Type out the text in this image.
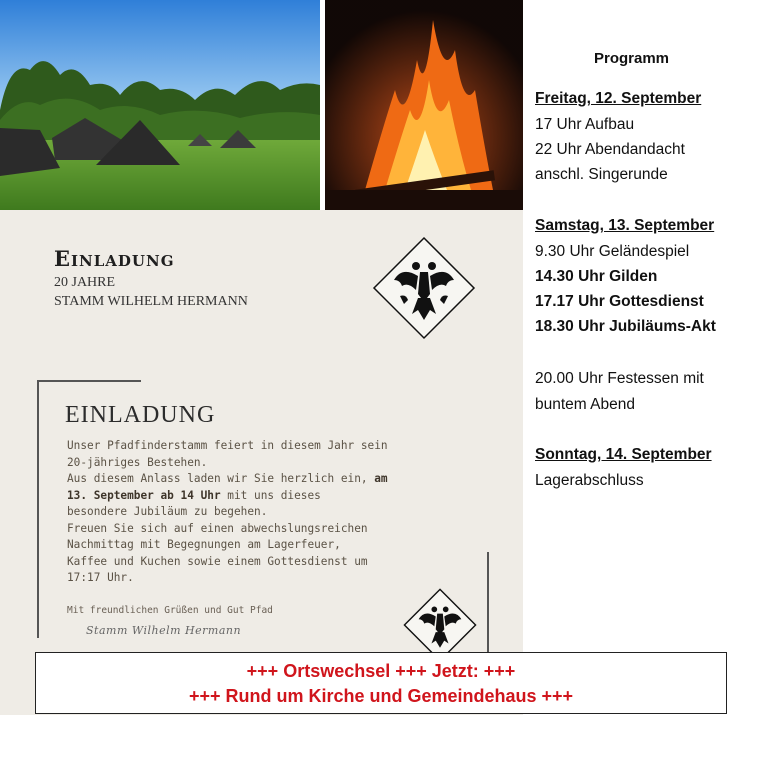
Einladung
20 JAHRE
STAMM WILHELM HERMANN
EINLADUNG
Unser Pfadfinderstamm feiert in diesem Jahr sein
20-jähriges Bestehen.
Aus diesem Anlass laden wir Sie herzlich ein, am
13. September ab 14 Uhr mit uns dieses
besondere Jubiläum zu begehen.
Freuen Sie sich auf einen abwechslungsreichen
Nachmittag mit Begegnungen am Lagerfeuer,
Kaffee und Kuchen sowie einem Gottesdienst um
17:17 Uhr.
Mit freundlichen Grüßen und Gut Pfad
Stamm Wilhelm Hermann
Programm
Freitag, 12. September
17 Uhr Aufbau
22 Uhr Abendandacht
anschl. Singerunde
Samstag, 13. September
9.30 Uhr Geländespiel
14.30 Uhr Gilden
17.17 Uhr Gottesdienst
18.30 Uhr Jubiläums-Akt
20.00 Uhr Festessen mit
buntem Abend
Sonntag, 14. September
Lagerabschluss
+++ Ortswechsel +++ Jetzt: +++
+++ Rund um Kirche und Gemeindehaus +++
